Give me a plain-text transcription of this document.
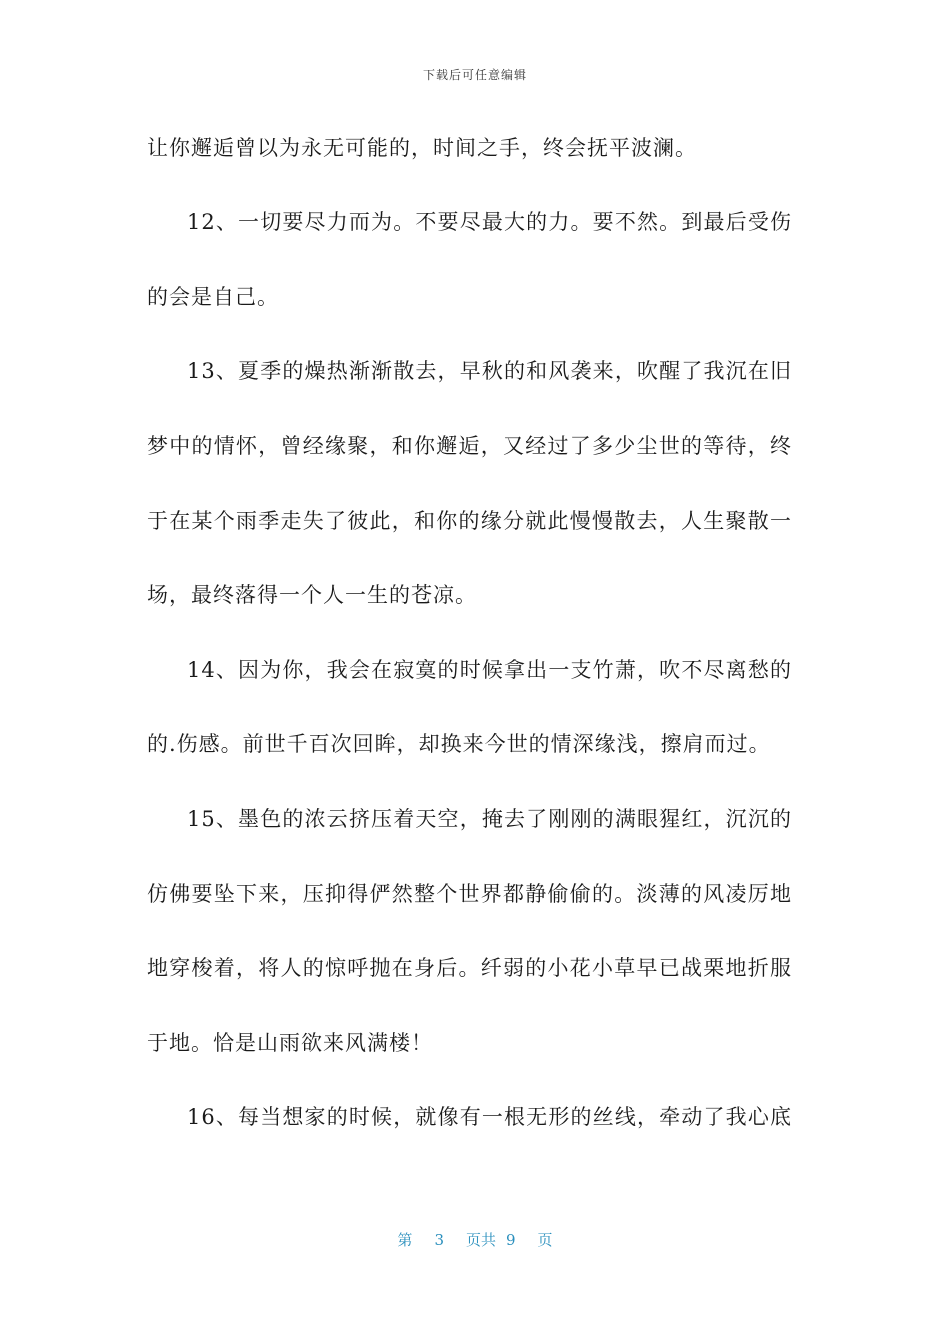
下载后可任意编辑
让你邂逅曾以为永无可能的，时间之手，终会抚平波澜。
12、一切要尽力而为。不要尽最大的力。要不然。到最后受伤
的会是自己。
13、夏季的燥热渐渐散去，早秋的和风袭来，吹醒了我沉在旧
梦中的情怀，曾经缘聚，和你邂逅，又经过了多少尘世的等待，终
于在某个雨季走失了彼此，和你的缘分就此慢慢散去，人生聚散一
场，最终落得一个人一生的苍凉。
14、因为你，我会在寂寞的时候拿出一支竹萧，吹不尽离愁的
的.伤感。前世千百次回眸，却换来今世的情深缘浅，擦肩而过。
15、墨色的浓云挤压着天空，掩去了刚刚的满眼猩红，沉沉的
仿佛要坠下来，压抑得俨然整个世界都静偷偷的。淡薄的风凌厉地
地穿梭着，将人的惊呼抛在身后。纤弱的小花小草早已战栗地折服
于地。恰是山雨欲来风满楼！
16、每当想家的时候，就像有一根无形的丝线，牵动了我心底
第 3 页共 9 页
